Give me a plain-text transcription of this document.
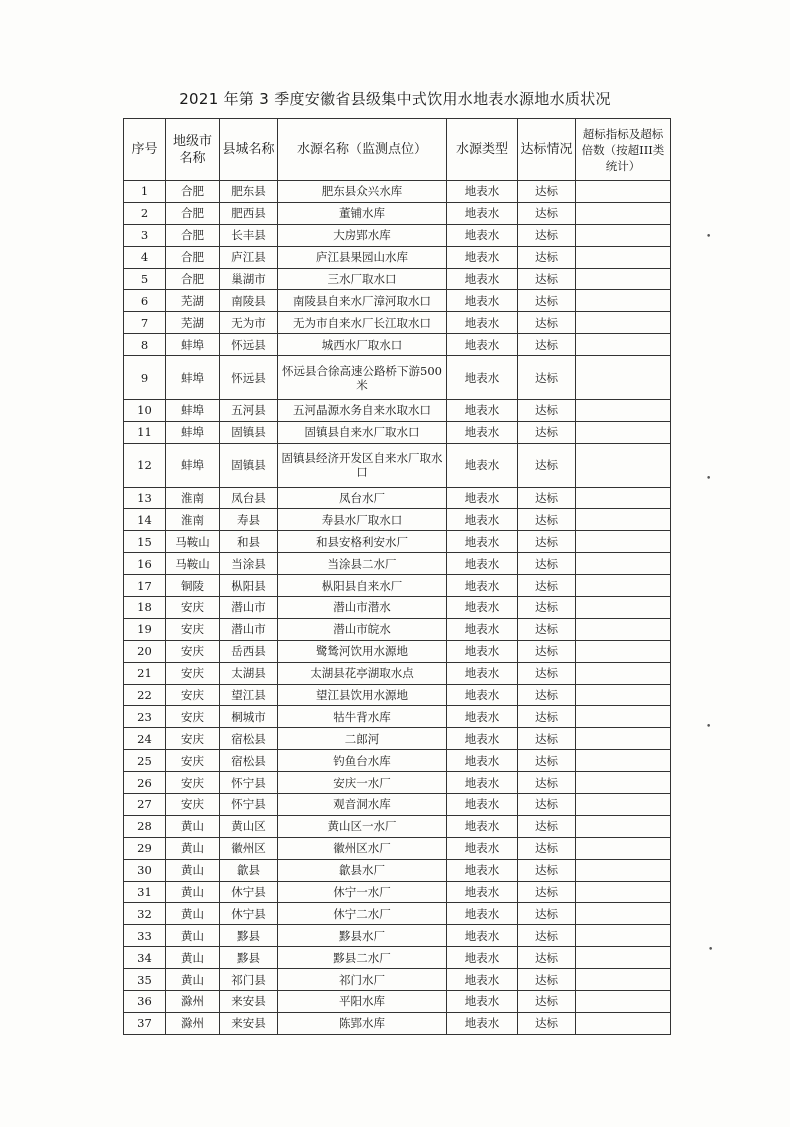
2021 年第 3 季度安徽省县级集中式饮用水地表水源地水质状况
序号	地级市名称	县城名称	水源名称（监测点位）	水源类型	达标情况	超标指标及超标倍数（按超III类统计）
1	合肥	肥东县	肥东县众兴水库	地表水	达标	
2	合肥	肥西县	董铺水库	地表水	达标	
3	合肥	长丰县	大房郢水库	地表水	达标	
4	合肥	庐江县	庐江县果园山水库	地表水	达标	
5	合肥	巢湖市	三水厂取水口	地表水	达标	
6	芜湖	南陵县	南陵县自来水厂漳河取水口	地表水	达标	
7	芜湖	无为市	无为市自来水厂长江取水口	地表水	达标	
8	蚌埠	怀远县	城西水厂取水口	地表水	达标	
9	蚌埠	怀远县	怀远县合徐高速公路桥下游500米	地表水	达标	
10	蚌埠	五河县	五河晶源水务自来水取水口	地表水	达标	
11	蚌埠	固镇县	固镇县自来水厂取水口	地表水	达标	
12	蚌埠	固镇县	固镇县经济开发区自来水厂取水口	地表水	达标	
13	淮南	凤台县	凤台水厂	地表水	达标	
14	淮南	寿县	寿县水厂取水口	地表水	达标	
15	马鞍山	和县	和县安格利安水厂	地表水	达标	
16	马鞍山	当涂县	当涂县二水厂	地表水	达标	
17	铜陵	枞阳县	枞阳县自来水厂	地表水	达标	
18	安庆	潜山市	潜山市潜水	地表水	达标	
19	安庆	潜山市	潜山市皖水	地表水	达标	
20	安庆	岳西县	鹭鸶河饮用水源地	地表水	达标	
21	安庆	太湖县	太湖县花亭湖取水点	地表水	达标	
22	安庆	望江县	望江县饮用水源地	地表水	达标	
23	安庆	桐城市	牯牛背水库	地表水	达标	
24	安庆	宿松县	二郎河	地表水	达标	
25	安庆	宿松县	钓鱼台水库	地表水	达标	
26	安庆	怀宁县	安庆一水厂	地表水	达标	
27	安庆	怀宁县	观音洞水库	地表水	达标	
28	黄山	黄山区	黄山区一水厂	地表水	达标	
29	黄山	徽州区	徽州区水厂	地表水	达标	
30	黄山	歙县	歙县水厂	地表水	达标	
31	黄山	休宁县	休宁一水厂	地表水	达标	
32	黄山	休宁县	休宁二水厂	地表水	达标	
33	黄山	黟县	黟县水厂	地表水	达标	
34	黄山	黟县	黟县二水厂	地表水	达标	
35	黄山	祁门县	祁门水厂	地表水	达标	
36	滁州	来安县	平阳水库	地表水	达标	
37	滁州	来安县	陈郢水库	地表水	达标	
•
•
•
•
